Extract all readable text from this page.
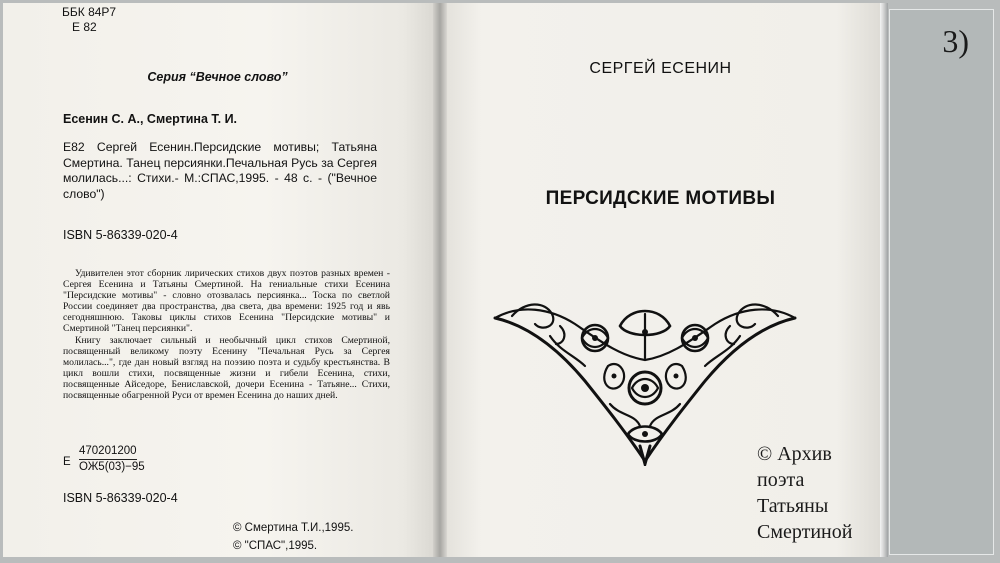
ББК 84Р7
Е 82
Серия “Вечное слово”
Есенин С. А., Смертина Т. И.
Е82 Сергей Есенин.Персидские мотивы; Татьяна Смертина. Танец персиянки.Печальная Русь за Сергея молилась...: Стихи.- М.:СПАС,1995. - 48 с. - ("Вечное слово")
ISBN 5-86339-020-4

Удивителен этот сборник лирических стихов двух поэтов разных времен - Сергея Есенина и Татьяны Смертиной. На гениальные стихи Есенина "Персидские мотивы" - словно отозвалась персиянка... Тоска по светлой России соединяет два пространства, два света, два времени: 1925 год и явь сегодняшнюю. Таковы циклы стихов Есенина "Персидские мотивы" и Смертиной "Танец персиянки".

Книгу заключает сильный и необычный цикл стихов Смертиной, посвященный великому поэту Есенину "Печальная Русь за Сергея молилась...", где дан новый взгляд на поэзию поэта и судьбу крестьянства. В цикл вошли стихи, посвященные жизни и гибели Есенина, стихи, посвященные Айседоре, Бениславской, дочери Есенина - Татьяне... Стихи, посвященные обагренной Руси от времен Есенина до наших дней.

Е
470201200
ОЖ5(03)−95
ISBN 5-86339-020-4
© Смертина Т.И.,1995.
© "СПАС",1995.
СЕРГЕЙ ЕСЕНИН
ПЕРСИДСКИЕ МОТИВЫ
© Архив
поэта
Татьяны
Смертиной
3)
